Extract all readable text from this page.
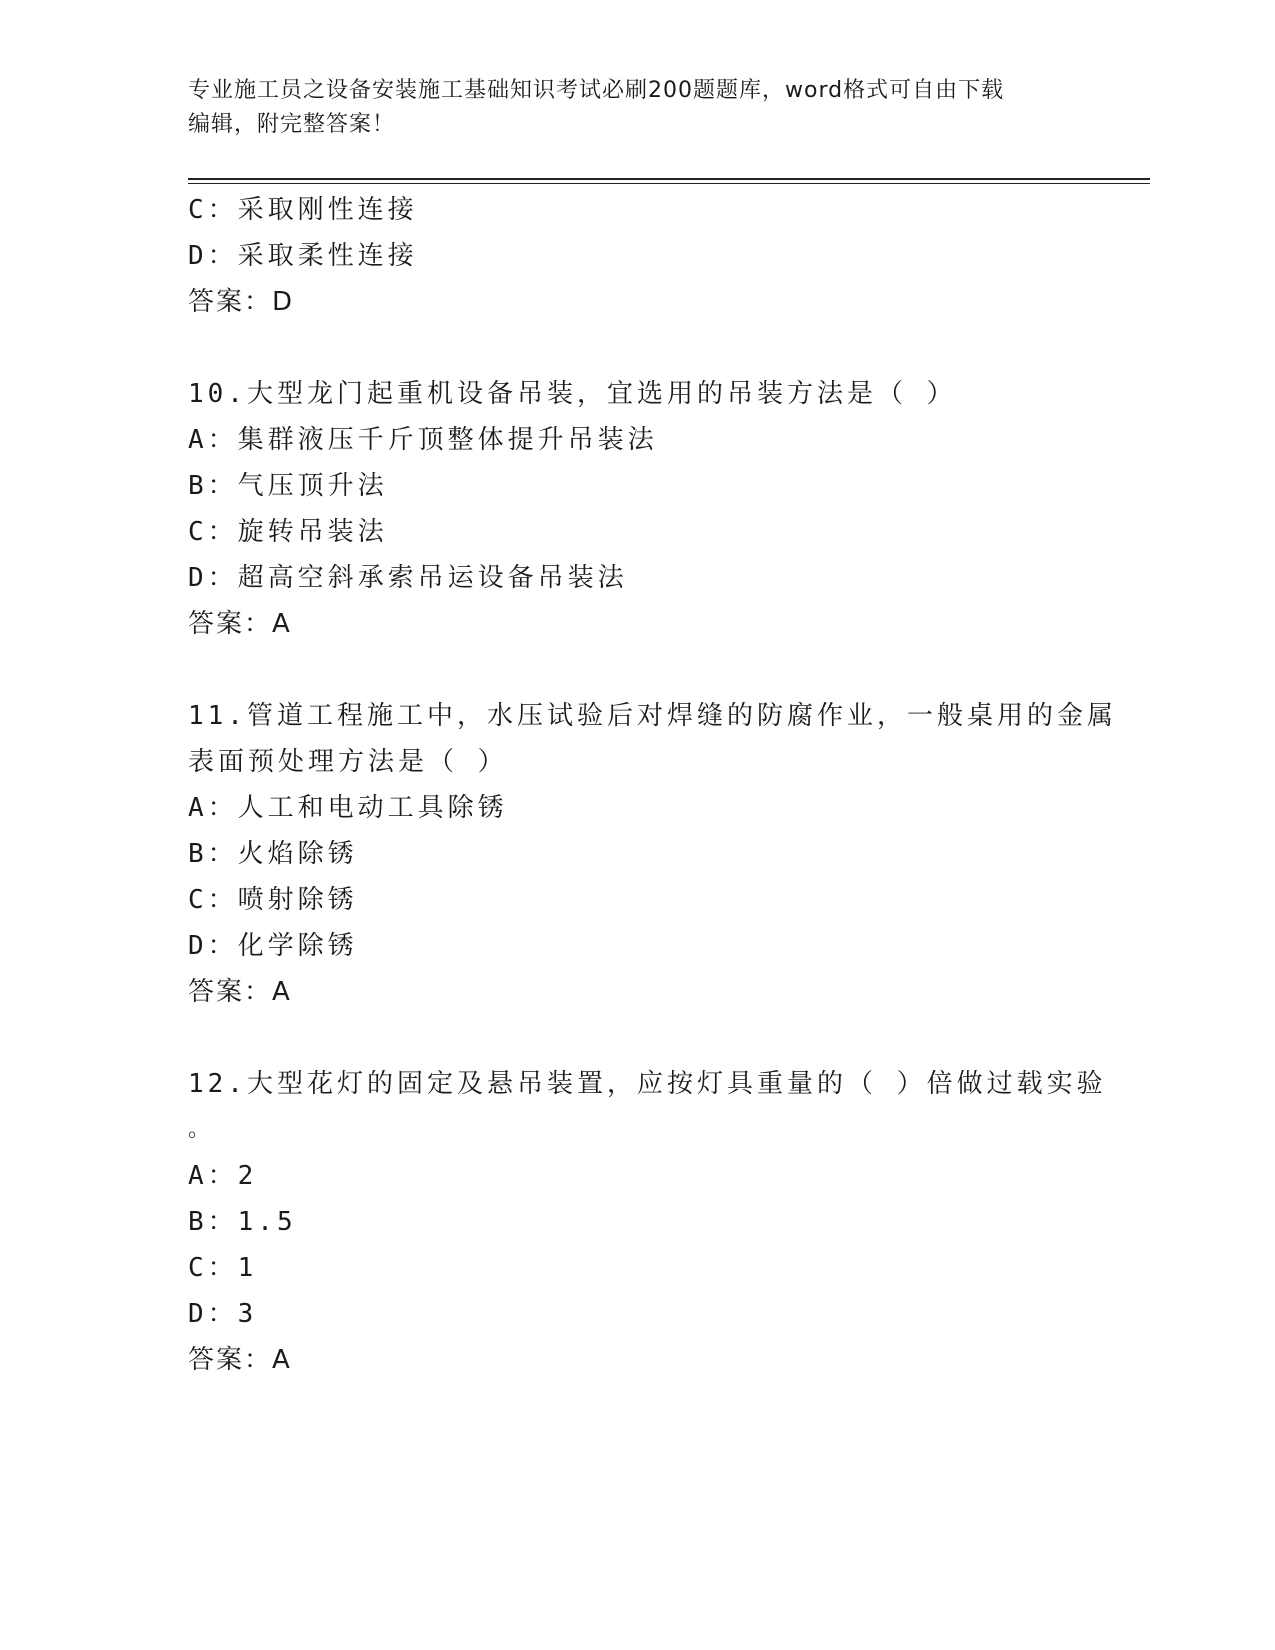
专业施工员之设备安装施工基础知识考试必刷200题题库，word格式可自由下载
编辑，附完整答案！
C：采取刚性连接
D：采取柔性连接
答案：D
10.大型龙门起重机设备吊装，宜选用的吊装方法是（ ）
A：集群液压千斤顶整体提升吊装法
B：气压顶升法
C：旋转吊装法
D：超高空斜承索吊运设备吊装法
答案：A
11.管道工程施工中，水压试验后对焊缝的防腐作业，一般桌用的金属
表面预处理方法是（ ）
A：人工和电动工具除锈
B：火焰除锈
C：喷射除锈
D：化学除锈
答案：A
12.大型花灯的固定及悬吊装置，应按灯具重量的（ ）倍做过载实验
。
A：2
B：1.5
C：1
D：3
答案：A
